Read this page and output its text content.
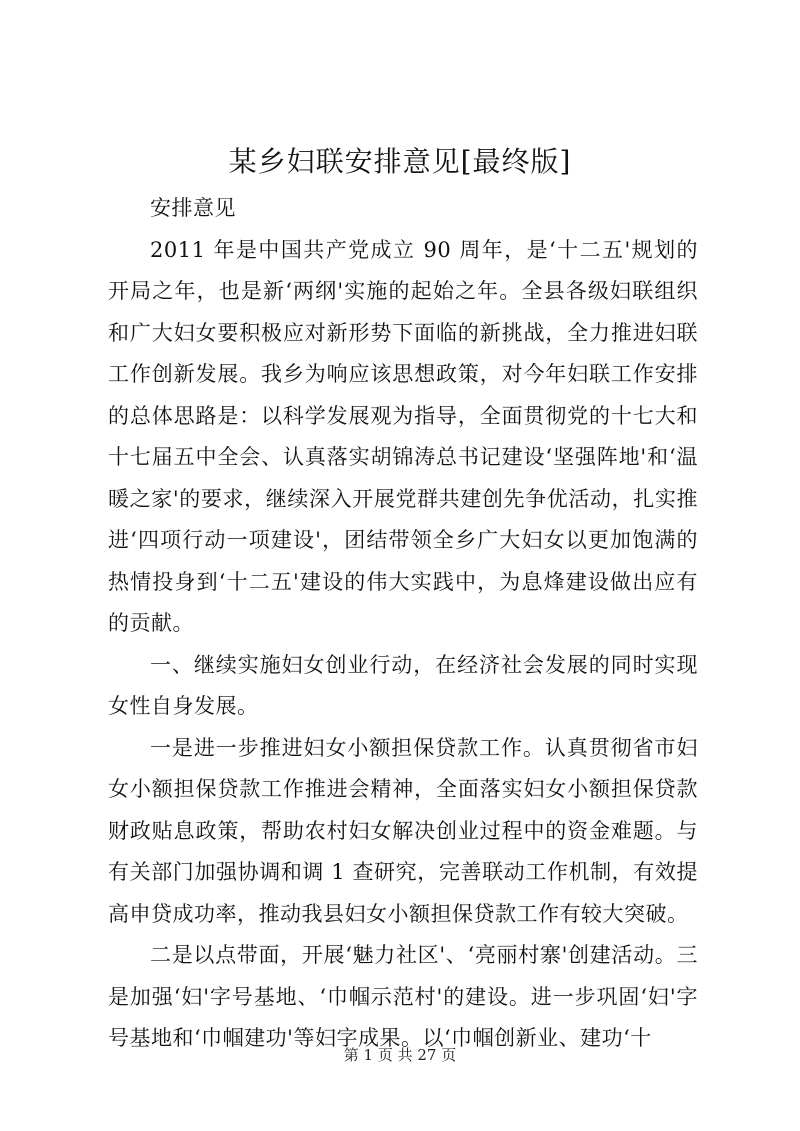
某乡妇联安排意见[最终版]

安排意见

2011 年是中国共产党成立 90 周年，是‘十二五'规划的开局之年，也是新‘两纲'实施的起始之年。全县各级妇联组织和广大妇女要积极应对新形势下面临的新挑战，全力推进妇联工作创新发展。我乡为响应该思想政策，对今年妇联工作安排的总体思路是：以科学发展观为指导，全面贯彻党的十七大和十七届五中全会、认真落实胡锦涛总书记建设‘坚强阵地'和‘温暖之家'的要求，继续深入开展党群共建创先争优活动，扎实推进‘四项行动一项建设'，团结带领全乡广大妇女以更加饱满的热情投身到‘十二五'建设的伟大实践中，为息烽建设做出应有的贡献。

一、继续实施妇女创业行动，在经济社会发展的同时实现女性自身发展。

一是进一步推进妇女小额担保贷款工作。认真贯彻省市妇女小额担保贷款工作推进会精神，全面落实妇女小额担保贷款财政贴息政策，帮助农村妇女解决创业过程中的资金难题。与有关部门加强协调和调 1 查研究，完善联动工作机制，有效提高申贷成功率，推动我县妇女小额担保贷款工作有较大突破。

二是以点带面，开展‘魅力社区'、‘亮丽村寨'创建活动。三是加强‘妇'字号基地、‘巾帼示范村'的建设。进一步巩固‘妇'字号基地和‘巾帼建功'等妇字成果。以‘巾帼创新业、建功‘十

第 1 页 共 27 页
